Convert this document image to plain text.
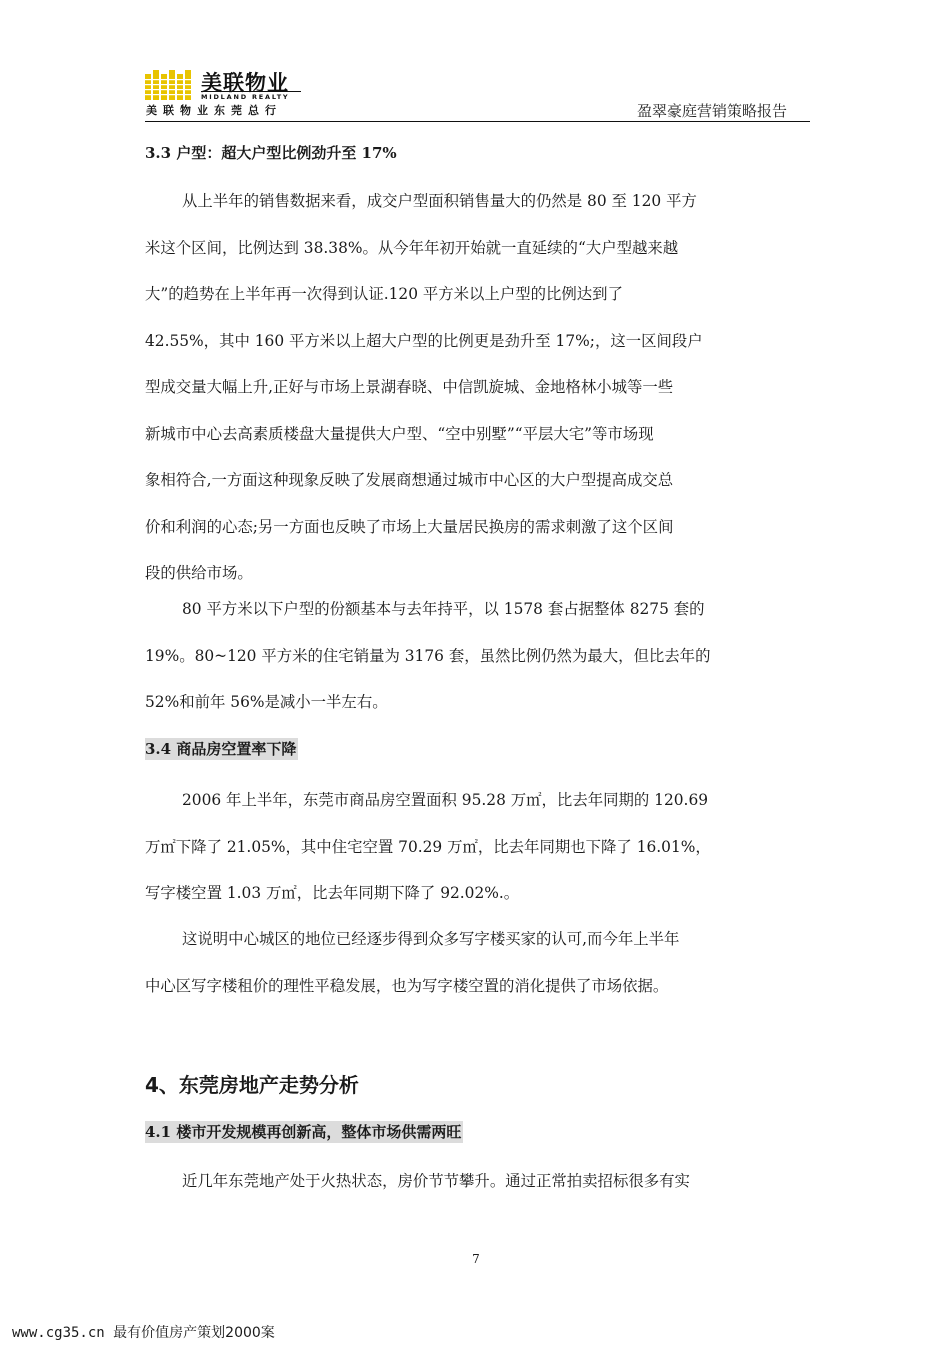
美联物业
MIDLAND REALTY
美联物业东莞总行	盈翠豪庭营销策略报告
3.3 户型：超大户型比例劲升至 17%
从上半年的销售数据来看，成交户型面积销售量大的仍然是 80 至 120 平方
米这个区间，比例达到 38.38%。从今年年初开始就一直延续的“大户型越来越
大”的趋势在上半年再一次得到认证.120 平方米以上户型的比例达到了
42.55%，其中 160 平方米以上超大户型的比例更是劲升至 17%;，这一区间段户
型成交量大幅上升,正好与市场上景湖春晓、中信凯旋城、金地格林小城等一些
新城市中心去高素质楼盘大量提供大户型、“空中别墅”“平层大宅”等市场现
象相符合,一方面这种现象反映了发展商想通过城市中心区的大户型提高成交总
价和利润的心态;另一方面也反映了市场上大量居民换房的需求刺激了这个区间
段的供给市场。
80 平方米以下户型的份额基本与去年持平，以 1578 套占据整体 8275 套的
19%。80~120 平方米的住宅销量为 3176 套，虽然比例仍然为最大，但比去年的
52%和前年 56%是减小一半左右。
3.4 商品房空置率下降
2006 年上半年，东莞市商品房空置面积 95.28 万㎡，比去年同期的 120.69
万㎡下降了 21.05%，其中住宅空置 70.29 万㎡，比去年同期也下降了 16.01%，
写字楼空置 1.03 万㎡，比去年同期下降了 92.02%.。
这说明中心城区的地位已经逐步得到众多写字楼买家的认可,而今年上半年
中心区写字楼租价的理性平稳发展，也为写字楼空置的消化提供了市场依据。
4、东莞房地产走势分析
4.1 楼市开发规模再创新高，整体市场供需两旺
近几年东莞地产处于火热状态，房价节节攀升。通过正常拍卖招标很多有实
7
www.cg35.cn 最有价值房产策划2000案
